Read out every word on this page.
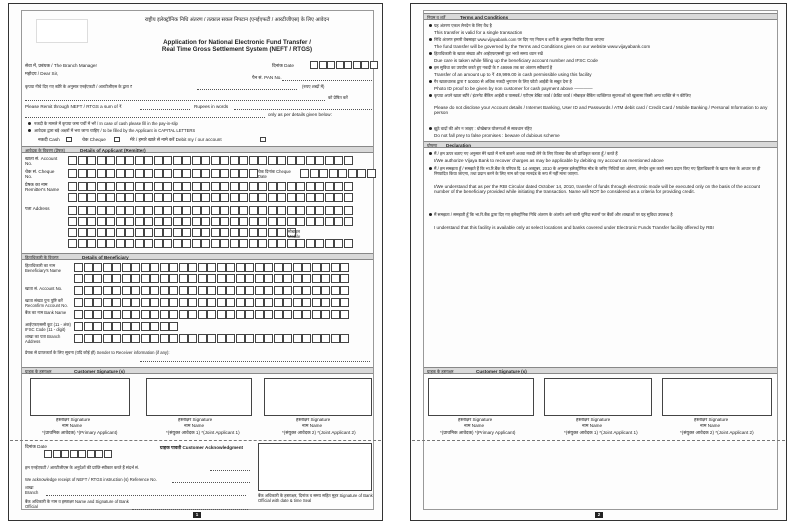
राष्ट्रीय इलेक्ट्रॉनिक निधि अंतरण / तत्काल सकल निपटान (एनईएफटी / आरटीजीएस) के लिए आवेदन
Application for National Electronic Fund Transfer /
Real Time Gross Settlement System (NEFT / RTGS)
सेवा में, प्रबंधक / The Branch Manager
महोदय / Dear Sir,
दिनांक Date
पैन सं. PAN No.
कृपया नीचे दिए गए ब्यौरे के अनुसार एनईएफटी / आरटीजीएस के द्वारा ₹	(रुपए शब्दों में)
को प्रेषित करें
Please Remit through NEFT / RTGS a sum of ₹	Rupees in words
only as per details given below:
नकदी के मामले में कृपया जमा पर्ची में भरें / In case of cash please fill in the pay-in-slip
आवेदक द्वारा बड़े अक्षरों में भरा जाना चाहिए / to be filled by the Applicant in CAPITAL LETTERS
नकदी Cash	चेक Cheque	मेरे / हमारे खाते से नामे करें Debit my / our account
आवेदक के विवरण (प्रेषक)	Details of Applicant (Remitter)
खाता सं. Account No.
चेक सं. Cheque No.
चेक दिनांक Cheque Date
प्रेषक का नाम Remitter's Name
पता Address
मोबाइल Mobile
हिताधिकारी के विवरण	Details of Beneficiary
हिताधिकारी का नाम Beneficiary's Name
खाता सं. Account No.
खाता संख्या पुनः पुष्टि करें Reconfirm Account No.
बैंक का नाम Bank Name
आईएफएससी कूट (11 - अंक) IFSC Code (11 - digit)
शाखा का पता Branch Address
प्रेषक से प्राप्तकर्ता के लिए सूचना (यदि कोई हो) Sender to Receiver information (if any):
ग्राहक के हस्ताक्षर	Customer Signature (s)
हस्ताक्षर Signature
नाम Name
*(प्राथमिक आवेदक) *(Primary Applicant)
हस्ताक्षर Signature
नाम Name
*(संयुक्त आवेदक 1) *(Joint Applicant 1)
हस्ताक्षर Signature
नाम Name
*(संयुक्त आवेदक 2) *(Joint Applicant 2)
दिनांक Date	ग्राहक पावती Customer Acknowledgment
हम एनईएफटी / आरटीजीएस के अनुदेशों की प्राप्ति-स्वीकार करते हैं संदर्भ सं.
We acknowledge receipt of NEFT / RTGS instruction (s) Reference No.
शाखा Branch
बैंक अधिकारी के नाम व हस्ताक्षर Name and Signature of Bank Official
बैंक अधिकारी के हस्ताक्षर, दिनांक व समय सहित मुहर Signature of Bank Official with date & time Seal
1
नियम व शर्तें	Terms and Conditions
यह अंतरण एकल लेनदेन के लिए वैध है
This transfer is valid for a single transaction
निधि अंतरण हमारी वेबसाइट www.vijayabank.com पर दिए गए नियम व शर्तों के अनुसार नियंत्रित किया जाएगा
The fund transfer will be governed by the Terms and Conditions given on our website www.vijayabank.com
हिताधिकारी के खाता संख्या और आईएफएससी कूट भरते समय ध्यान रखें
Due care is taken while filling up the beneficiary account number and IFSC Code
इस सुविधा का उपयोग करते हुए नकदी के ₹ 49999 तक का अंतरण स्वीकार्य है
Transfer of an amount up to ₹ 49,999.00 in cash permissible using this facility
गैर खाताधारक द्वारा ₹ 50000 से अधिक नकदी भुगतान के लिए फोटो आईडी के सबूत देना है
Photo ID proof to be given by non customer for cash payment above ————
कृपया अपने खाता ब्यौरे / इंटरनेट बैंकिंग आईडी व पासवर्ड / एटीएम डेबिट कार्ड / क्रेडिट कार्ड / मोबाइल बैंकिंग व्यक्तिगत सूचनाओं को खुलासा किसी अन्य व्यक्ति से न कीजिए
Please do not disclose your Account details / Internet Banking, User ID and Passwords / ATM debit card / Credit Card / Mobile Banking / Personal Information to any person
झूठे वादों की ओर न जाइए : धोखेबाज योजनाओं से सावधान रहिए
Do not fall prey to false promises : beware of dubious scheme
घोषणा Declaration
मैं / हम ऊपर बताए गए अनुसार मेरे खाते में नामे डालने अथवा नकदी लेने के लिए विजया बैंक को प्राधिकृत करता हूँ / करते हैं
I/We authorize Vijaya Bank to recover charges as may be applicable by debiting my account as mentioned above
मैं / हम समझता हूँ / समझते हैं कि भा.रि.बैंक के परिपत्र दि. 14 अक्टूबर, 2010 के अनुसार इलेक्ट्रॉनिक मोड के जरिए निधियों का अंतरण, लेनदेन शुरू करते समय प्रदान किए गए हिताधिकारी के खाता नंबर के आधार पर ही निष्पादित किया जाएगा, तथा प्रदान करने के लिए नाम को एक मानदंड के रूप में नहीं माना जाएगा.
I/We understand that as per the RBI Circular dated October 14, 2010, transfer of funds through electronic mode will be executed only on the basis of the account number of the beneficiary provided while initiating the transaction. Name will NOT be considered as a criteria for providing credit.
मैं समझता / समझती हूँ कि भा.रि.बैंक द्वारा दिए गए इलेक्ट्रॉनिक निधि अंतरण के अंतर्गत आने वाली चुनिंदा स्थानों पर बैंकों और शाखाओं पर यह सुविधा उपलब्ध है
I understand that this facility is available only at select locations and banks covered under Electronic Funds Transfer facility offered by RBI
ग्राहक के हस्ताक्षर	Customer Signature (s)
हस्ताक्षर Signature
नाम Name
*(प्राथमिक आवेदक) *(Primary Applicant)
हस्ताक्षर Signature
नाम Name
*(संयुक्त आवेदक 1) *(Joint Applicant 1)
हस्ताक्षर Signature
नाम Name
*(संयुक्त आवेदक 2) *(Joint Applicant 2)
2
